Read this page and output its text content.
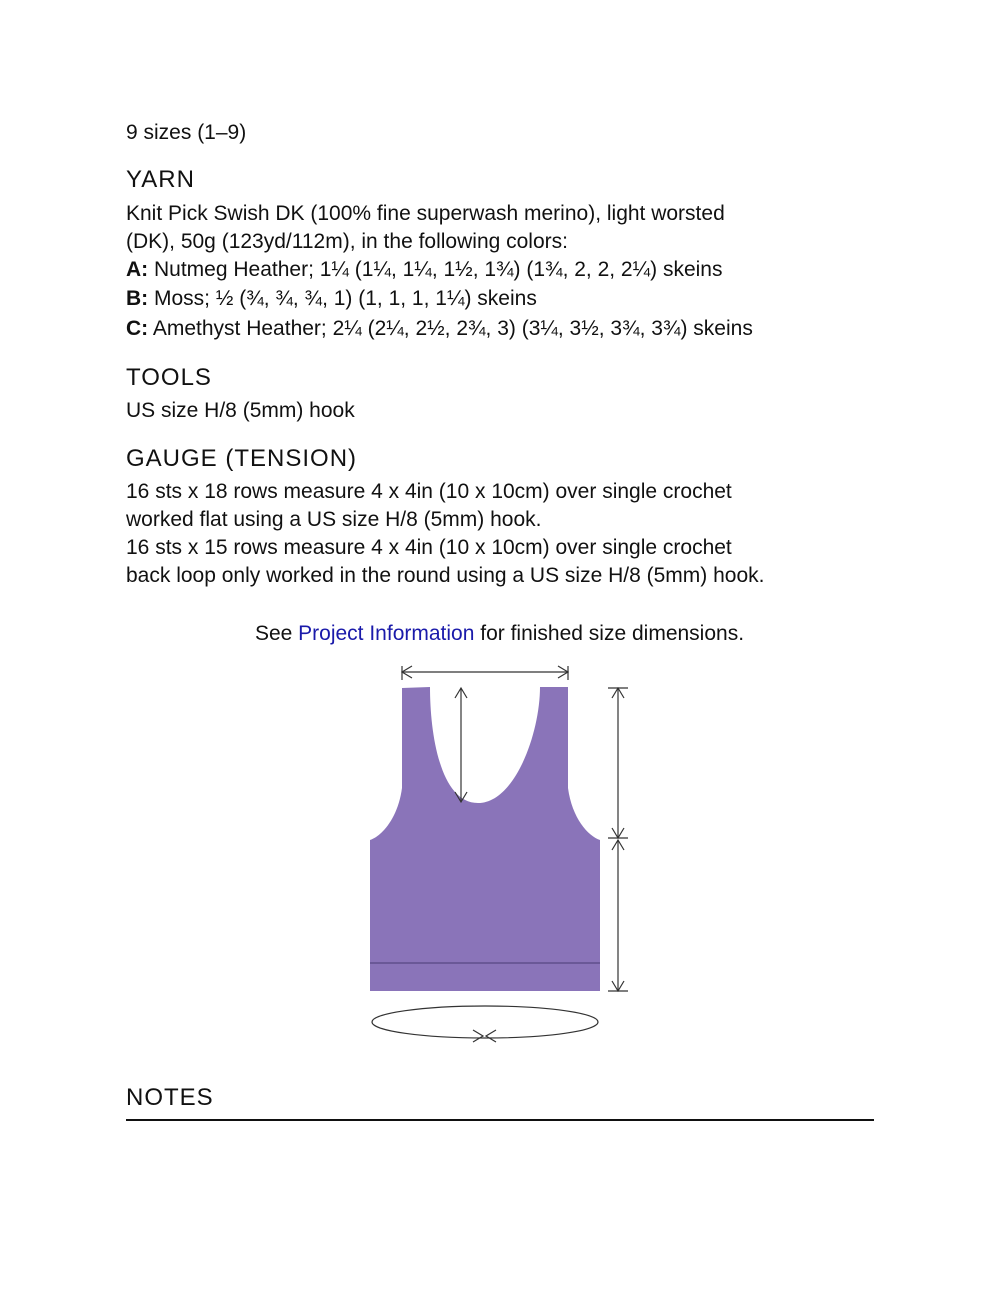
9 sizes (1–9)
YARN
Knit Pick Swish DK (100% fine superwash merino), light worsted
(DK), 50g (123yd/112m), in the following colors:
A: Nutmeg Heather; 1¼ (1¼, 1¼, 1½, 1¾) (1¾, 2, 2, 2¼) skeins
B: Moss; ½ (¾, ¾, ¾, 1) (1, 1, 1, 1¼) skeins
C: Amethyst Heather; 2¼ (2¼, 2½, 2¾, 3) (3¼, 3½, 3¾, 3¾) skeins
TOOLS
US size H/8 (5mm) hook
GAUGE (TENSION)
16 sts x 18 rows measure 4 x 4in (10 x 10cm) over single crochet
worked flat using a US size H/8 (5mm) hook.
16 sts x 15 rows measure 4 x 4in (10 x 10cm) over single crochet
back loop only worked in the round using a US size H/8 (5mm) hook.
See Project Information for finished size dimensions.
NOTES
